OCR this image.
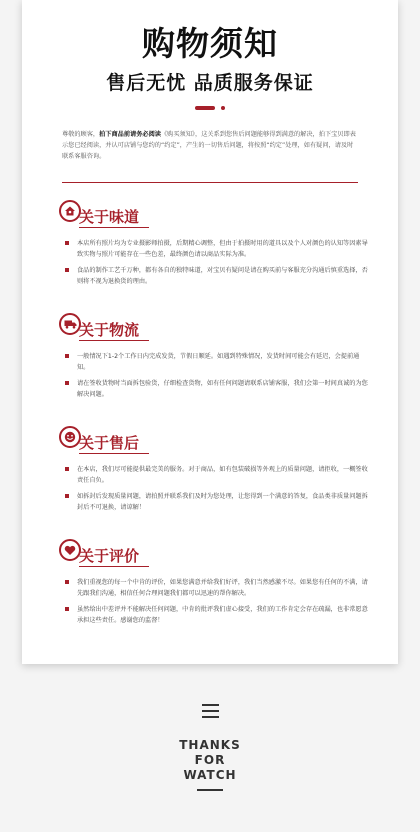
购物须知
售后无忧 品质服务保证
尊敬的顾客，拍下商品前请务必阅读《购买须知》，这关系到您售后问题能够得到满意的解决，拍下宝贝即表示您已经阅读，并认可店铺与您约的“约定”，产生的一切售后问题，将按照“约定”处理，如有疑问，请及时联系客服咨询。
关于味道
本店所有照片均为专业摄影师拍摄，后期精心调整，但由于拍摄时用的道具以及个人对颜色的认知等因素导致实物与照片可能存在一些色差，最终颜色请以商品实际为准。
食品的制作工艺千万种，都有各自的独特味道，对宝贝有疑问是请在购买前与客服充分沟通后慎重选择，否则将不视为退换货的理由。
关于物流
一般情况下1-2个工作日内完成发货，节假日顺延。如遇到特殊情况，发货时间可能会有延迟，会提前通知。
请在签收货物时当面拆包验货，仔细检查货物，如有任何问题请联系店铺客服，我们会第一时间真诚的为您解决问题。
关于售后
在本店，我们尽可能提供最完美的服务。对于商品，如有包装破损等外观上的质量问题，请拒收，一概签收责任自负。
如拆封后发现质量问题，请拍照并联系我们及时为您处理，让您得到一个满意的答复，食品类非质量问题拆封后不可退换，请谅解！
关于评价
我们重视您的每一个中肯的评价，如果您满意并给我们好评，我们当然感激不尽。如果您有任何的不满，请先跟我们沟通，相信任何合理问题我们都可以迅速的帮你解决。
虽然给出中差评并不能解决任何问题，中肯的批评我们虚心接受，我们的工作肯定会存在疏漏，也非常愿意承担这些责任。感谢您的监督！
THANKS
FOR
WATCH
